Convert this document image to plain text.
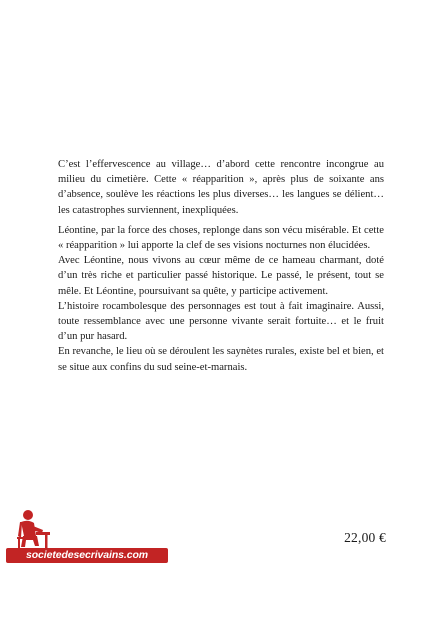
C’est l’effervescence au village… d’abord cette rencontre incongrue au milieu du cimetière. Cette « réapparition », après plus de soixante ans d’absence, soulève les réactions les plus diverses… les langues se délient… les catastrophes surviennent, inexpliquées.

Léontine, par la force des choses, replonge dans son vécu misérable. Et cette « réapparition » lui apporte la clef de ses visions nocturnes non élucidées.

Avec Léontine, nous vivons au cœur même de ce hameau charmant, doté d’un très riche et particulier passé historique. Le passé, le présent, tout se mêle. Et Léontine, poursuivant sa quête, y participe activement.

L’histoire rocambolesque des personnages est tout à fait imaginaire. Aussi, toute ressemblance avec une personne vivante serait fortuite… et le fruit d’un pur hasard.

En revanche, le lieu où se déroulent les saynètes rurales, existe bel et bien, et se situe aux confins du sud seine-et-marnais.

22,00 €
societedesecrivains.com
